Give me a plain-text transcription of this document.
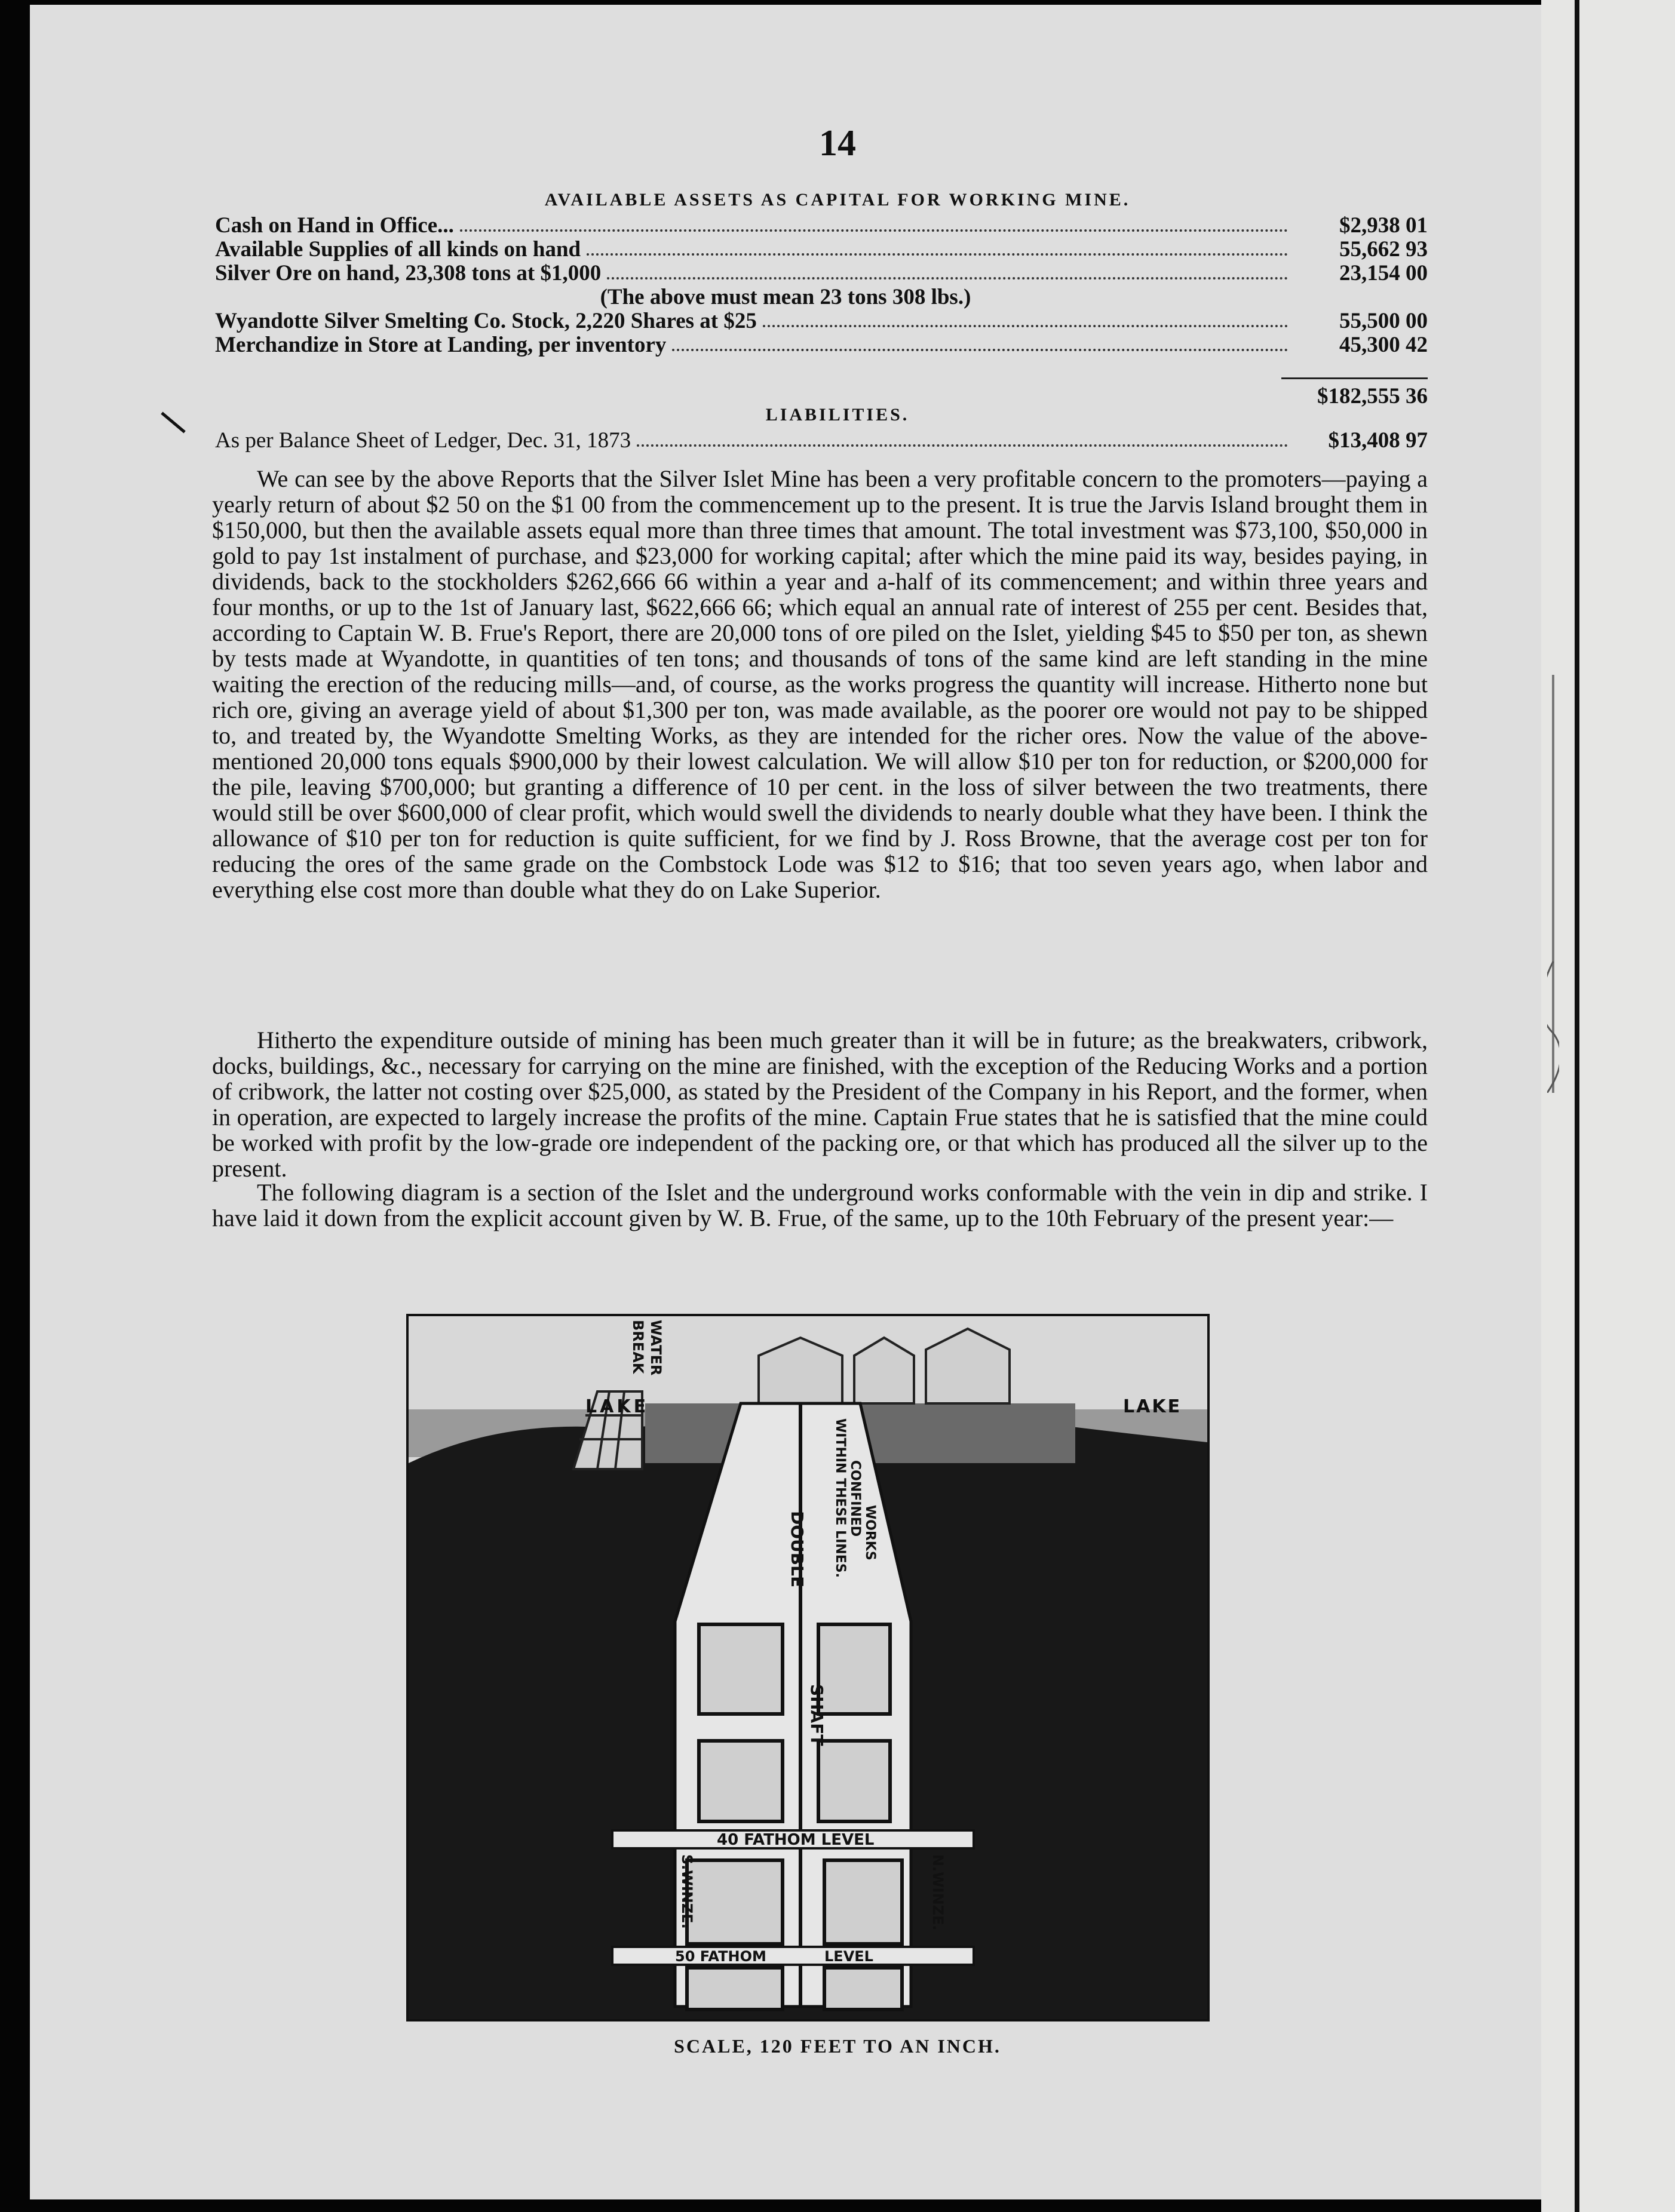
14
AVAILABLE ASSETS AS CAPITAL FOR WORKING MINE.
Cash on Hand in Office...	$2,938 01
Available Supplies of all kinds on hand	55,662 93
Silver Ore on hand, 23,308 tons at $1,000	23,154 00
(The above must mean 23 tons 308 lbs.)
Wyandotte Silver Smelting Co. Stock, 2,220 Shares at $25	55,500 00
Merchandize in Store at Landing, per inventory	45,300 42
$182,555 36
LIABILITIES.
As per Balance Sheet of Ledger, Dec. 31, 1873	$13,408 97

We can see by the above Reports that the Silver Islet Mine has been a very profitable concern to the promoters—paying a yearly return of about $2 50 on the $1 00 from the commencement up to the present. It is true the Jarvis Island brought them in $150,000, but then the available assets equal more than three times that amount. The total investment was $73,100, $50,000 in gold to pay 1st instalment of purchase, and $23,000 for working capital; after which the mine paid its way, besides paying, in dividends, back to the stockholders $262,666 66 within a year and a-half of its commencement; and within three years and four months, or up to the 1st of January last, $622,666 66; which equal an annual rate of interest of 255 per cent. Besides that, according to Captain W. B. Frue's Report, there are 20,000 tons of ore piled on the Islet, yielding $45 to $50 per ton, as shewn by tests made at Wyandotte, in quantities of ten tons; and thousands of tons of the same kind are left standing in the mine waiting the erection of the reducing mills—and, of course, as the works progress the quantity will increase. Hitherto none but rich ore, giving an average yield of about $1,300 per ton, was made available, as the poorer ore would not pay to be shipped to, and treated by, the Wyandotte Smelting Works, as they are intended for the richer ores. Now the value of the above-mentioned 20,000 tons equals $900,000 by their lowest calculation. We will allow $10 per ton for reduction, or $200,000 for the pile, leaving $700,000; but granting a difference of 10 per cent. in the loss of silver between the two treatments, there would still be over $600,000 of clear profit, which would swell the dividends to nearly double what they have been. I think the allowance of $10 per ton for reduction is quite sufficient, for we find by J. Ross Browne, that the average cost per ton for reducing the ores of the same grade on the Combstock Lode was $12 to $16; that too seven years ago, when labor and everything else cost more than double what they do on Lake Superior.

Hitherto the expenditure outside of mining has been much greater than it will be in future; as the breakwaters, cribwork, docks, buildings, &c., necessary for carrying on the mine are finished, with the exception of the Reducing Works and a portion of cribwork, the latter not costing over $25,000, as stated by the President of the Company in his Report, and the former, when in operation, are expected to largely increase the profits of the mine. Captain Frue states that he is satisfied that the mine could be worked with profit by the low-grade ore independent of the packing ore, or that which has produced all the silver up to the present.

The following diagram is a section of the Islet and the underground works conformable with the vein in dip and strike. I have laid it down from the explicit account given by W. B. Frue, of the same, up to the 10th February of the present year:—

LAKE	LAKE
BREAK WATER
WITHIN THESE LINES. CONFINED WORKS
DOUBLE
SHAFT
40 FATHOM LEVEL
50 FATHOM	LEVEL
S.WINZE.	N.WINZE.
SCALE, 120 FEET TO AN INCH.
